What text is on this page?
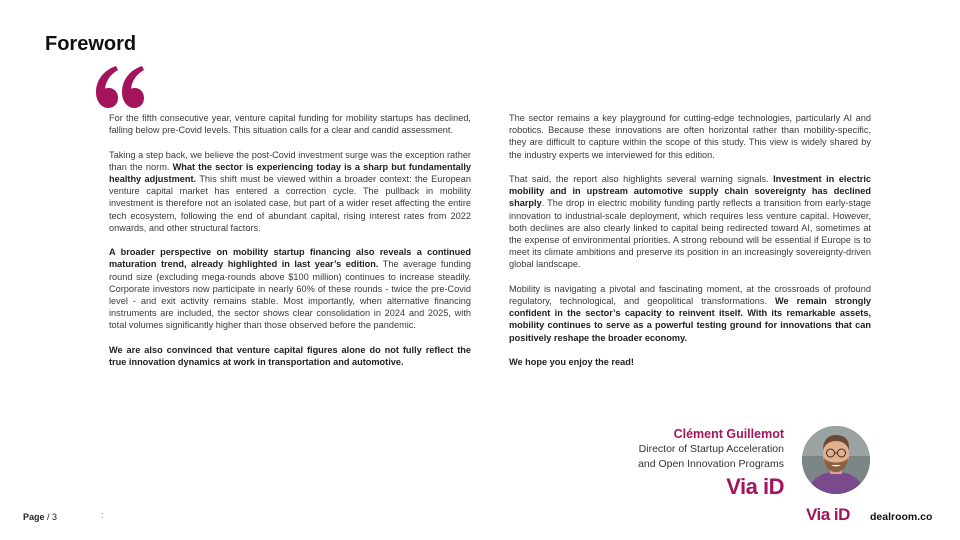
Foreword

For the fifth consecutive year, venture capital funding for mobility startups has declined, falling below pre-Covid levels. This situation calls for a clear and candid assessment.

Taking a step back, we believe the post-Covid investment surge was the exception rather than the norm. What the sector is experiencing today is a sharp but fundamentally healthy adjustment. This shift must be viewed within a broader context: the European venture capital market has entered a correction cycle. The pullback in mobility investment is therefore not an isolated case, but part of a wider reset affecting the entire tech ecosystem, following the end of abundant capital, rising interest rates from 2022 onwards, and other structural factors.

A broader perspective on mobility startup financing also reveals a continued maturation trend, already highlighted in last year’s edition. The average funding round size (excluding mega-rounds above $100 million) continues to increase steadily. Corporate investors now participate in nearly 60% of these rounds - twice the pre-Covid level - and exit activity remains stable. Most importantly, when alternative financing instruments are included, the sector shows clear consolidation in 2024 and 2025, with total volumes significantly higher than those observed before the pandemic.

We are also convinced that venture capital figures alone do not fully reflect the true innovation dynamics at work in transportation and automotive.

The sector remains a key playground for cutting-edge technologies, particularly AI and robotics. Because these innovations are often horizontal rather than mobility-specific, they are difficult to capture within the scope of this study. This view is widely shared by the industry experts we interviewed for this edition.

That said, the report also highlights several warning signals. Investment in electric mobility and in upstream automotive supply chain sovereignty has declined sharply. The drop in electric mobility funding partly reflects a transition from early-stage innovation to industrial-scale deployment, which requires less venture capital. However, both declines are also clearly linked to capital being redirected toward AI, sometimes at the expense of environmental priorities. A strong rebound will be essential if Europe is to meet its climate ambitions and preserve its position in an increasingly sovereignty-driven global landscape.

Mobility is navigating a pivotal and fascinating moment, at the crossroads of profound regulatory, technological, and geopolitical transformations. We remain strongly confident in the sector’s capacity to reinvent itself. With its remarkable assets, mobility continues to serve as a powerful testing ground for innovations that can positively reshape the broader economy.

We hope you enjoy the read!

Clément Guillemot
Director of Startup Acceleration
and Open Innovation Programs
Via iD
Page / 3	:	Via iD dealroom.co
